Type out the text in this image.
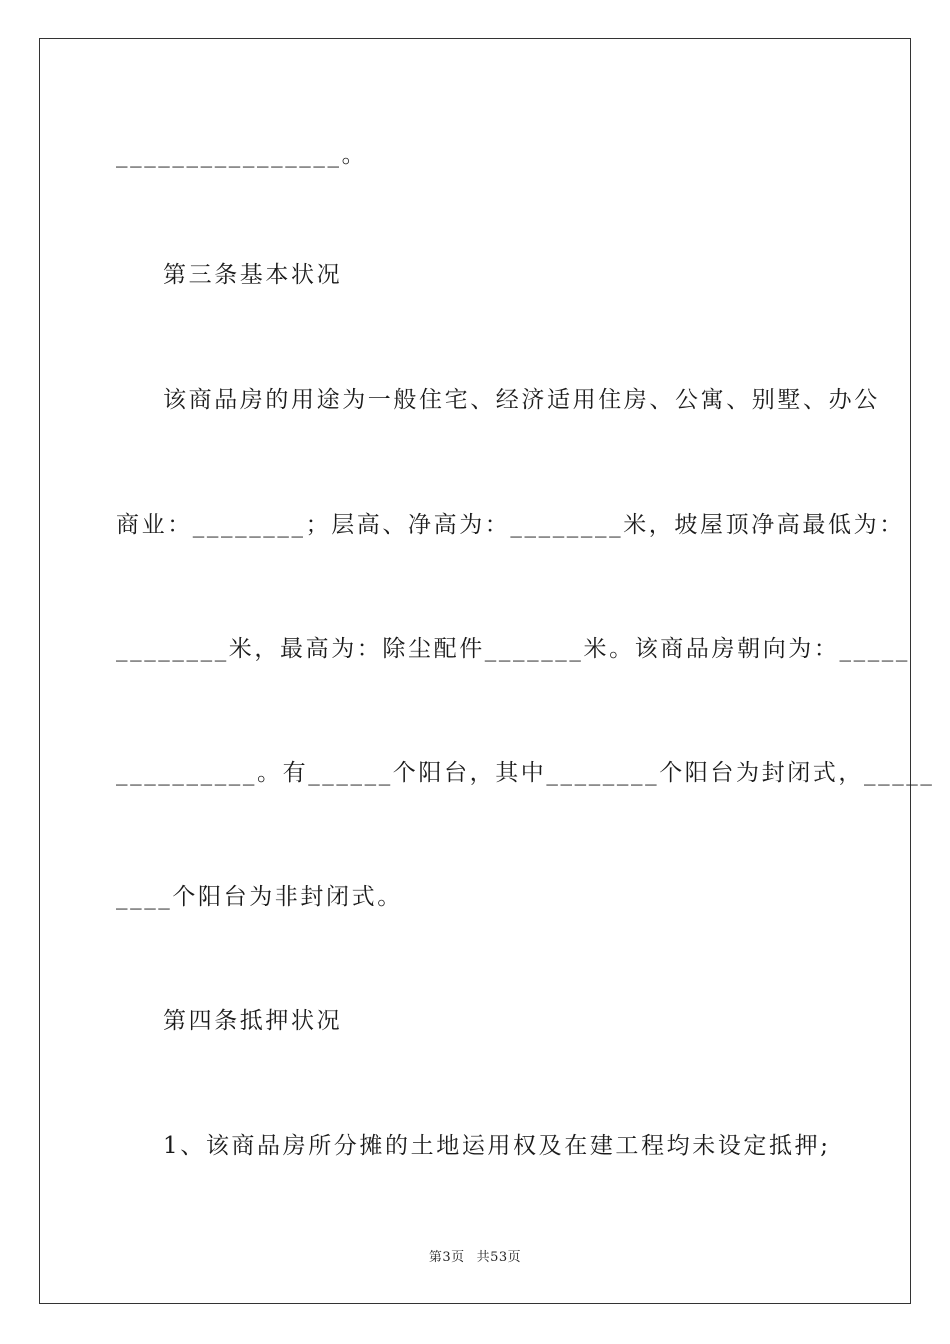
________________。
第三条基本状况
该商品房的用途为一般住宅、经济适用住房、公寓、别墅、办公
商业：________；层高、净高为：________米，坡屋顶净高最低为：
________米，最高为：除尘配件_______米。该商品房朝向为：_____
__________。有______个阳台，其中________个阳台为封闭式，_____
____个阳台为非封闭式。
第四条抵押状况
1、该商品房所分摊的土地运用权及在建工程均未设定抵押;
第3页 共53页
